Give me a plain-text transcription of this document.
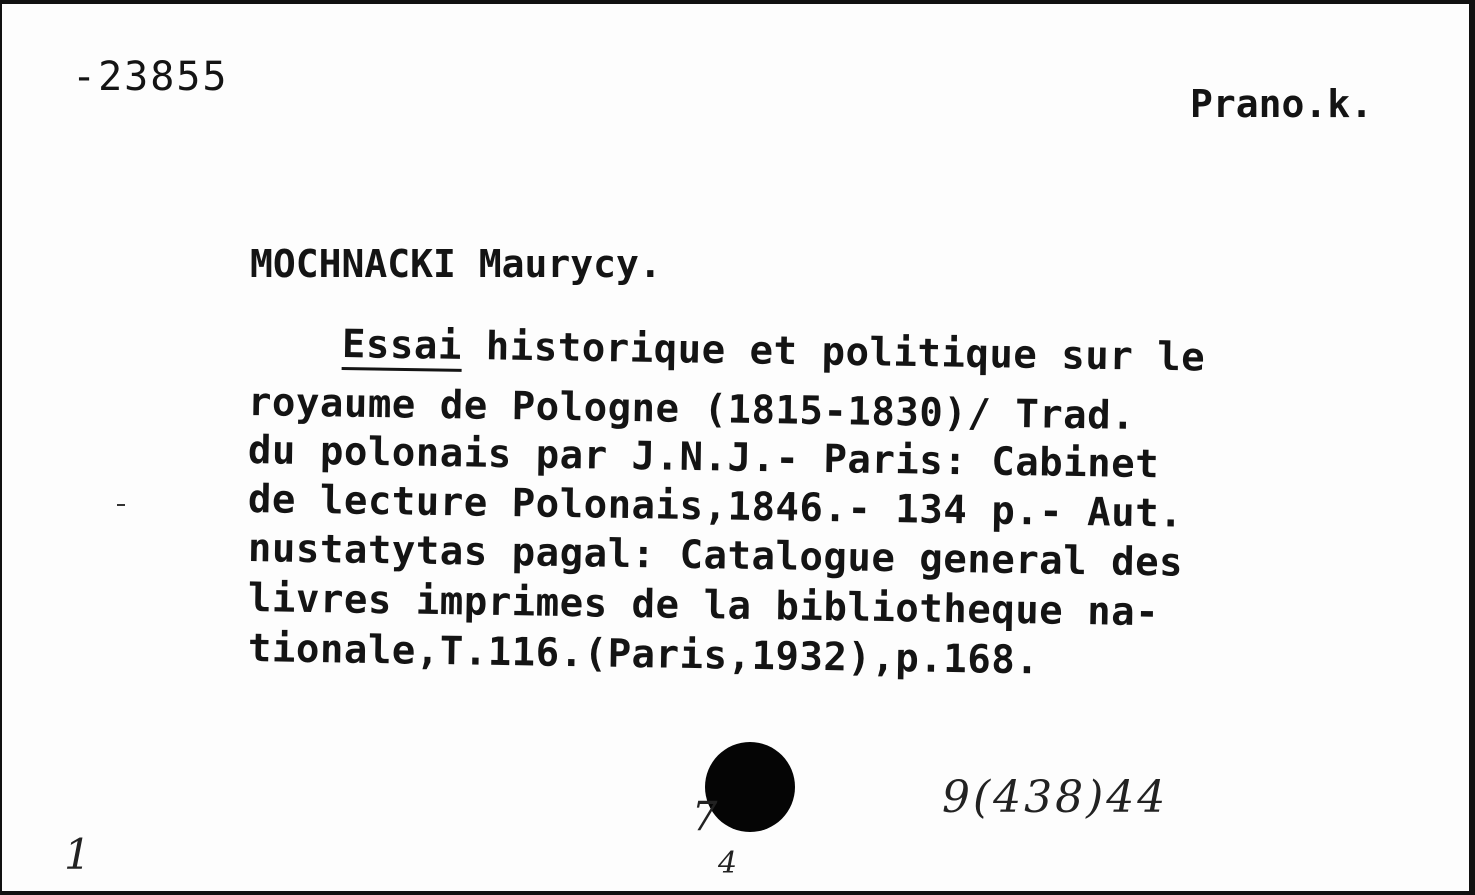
-23855
Prano.k.
MOCHNACKI Maurycy.
Essai historique et politique sur le
royaume de Pologne (1815-1830)/ Trad.
du polonais par J.N.J.- Paris: Cabinet
de lecture Polonais,1846.- 134 p.- Aut.
nustatytas pagal: Catalogue general des
livres imprimes de la bibliotheque na-
tionale,T.116.(Paris,1932),p.168.
7
4
9(438)44
1
